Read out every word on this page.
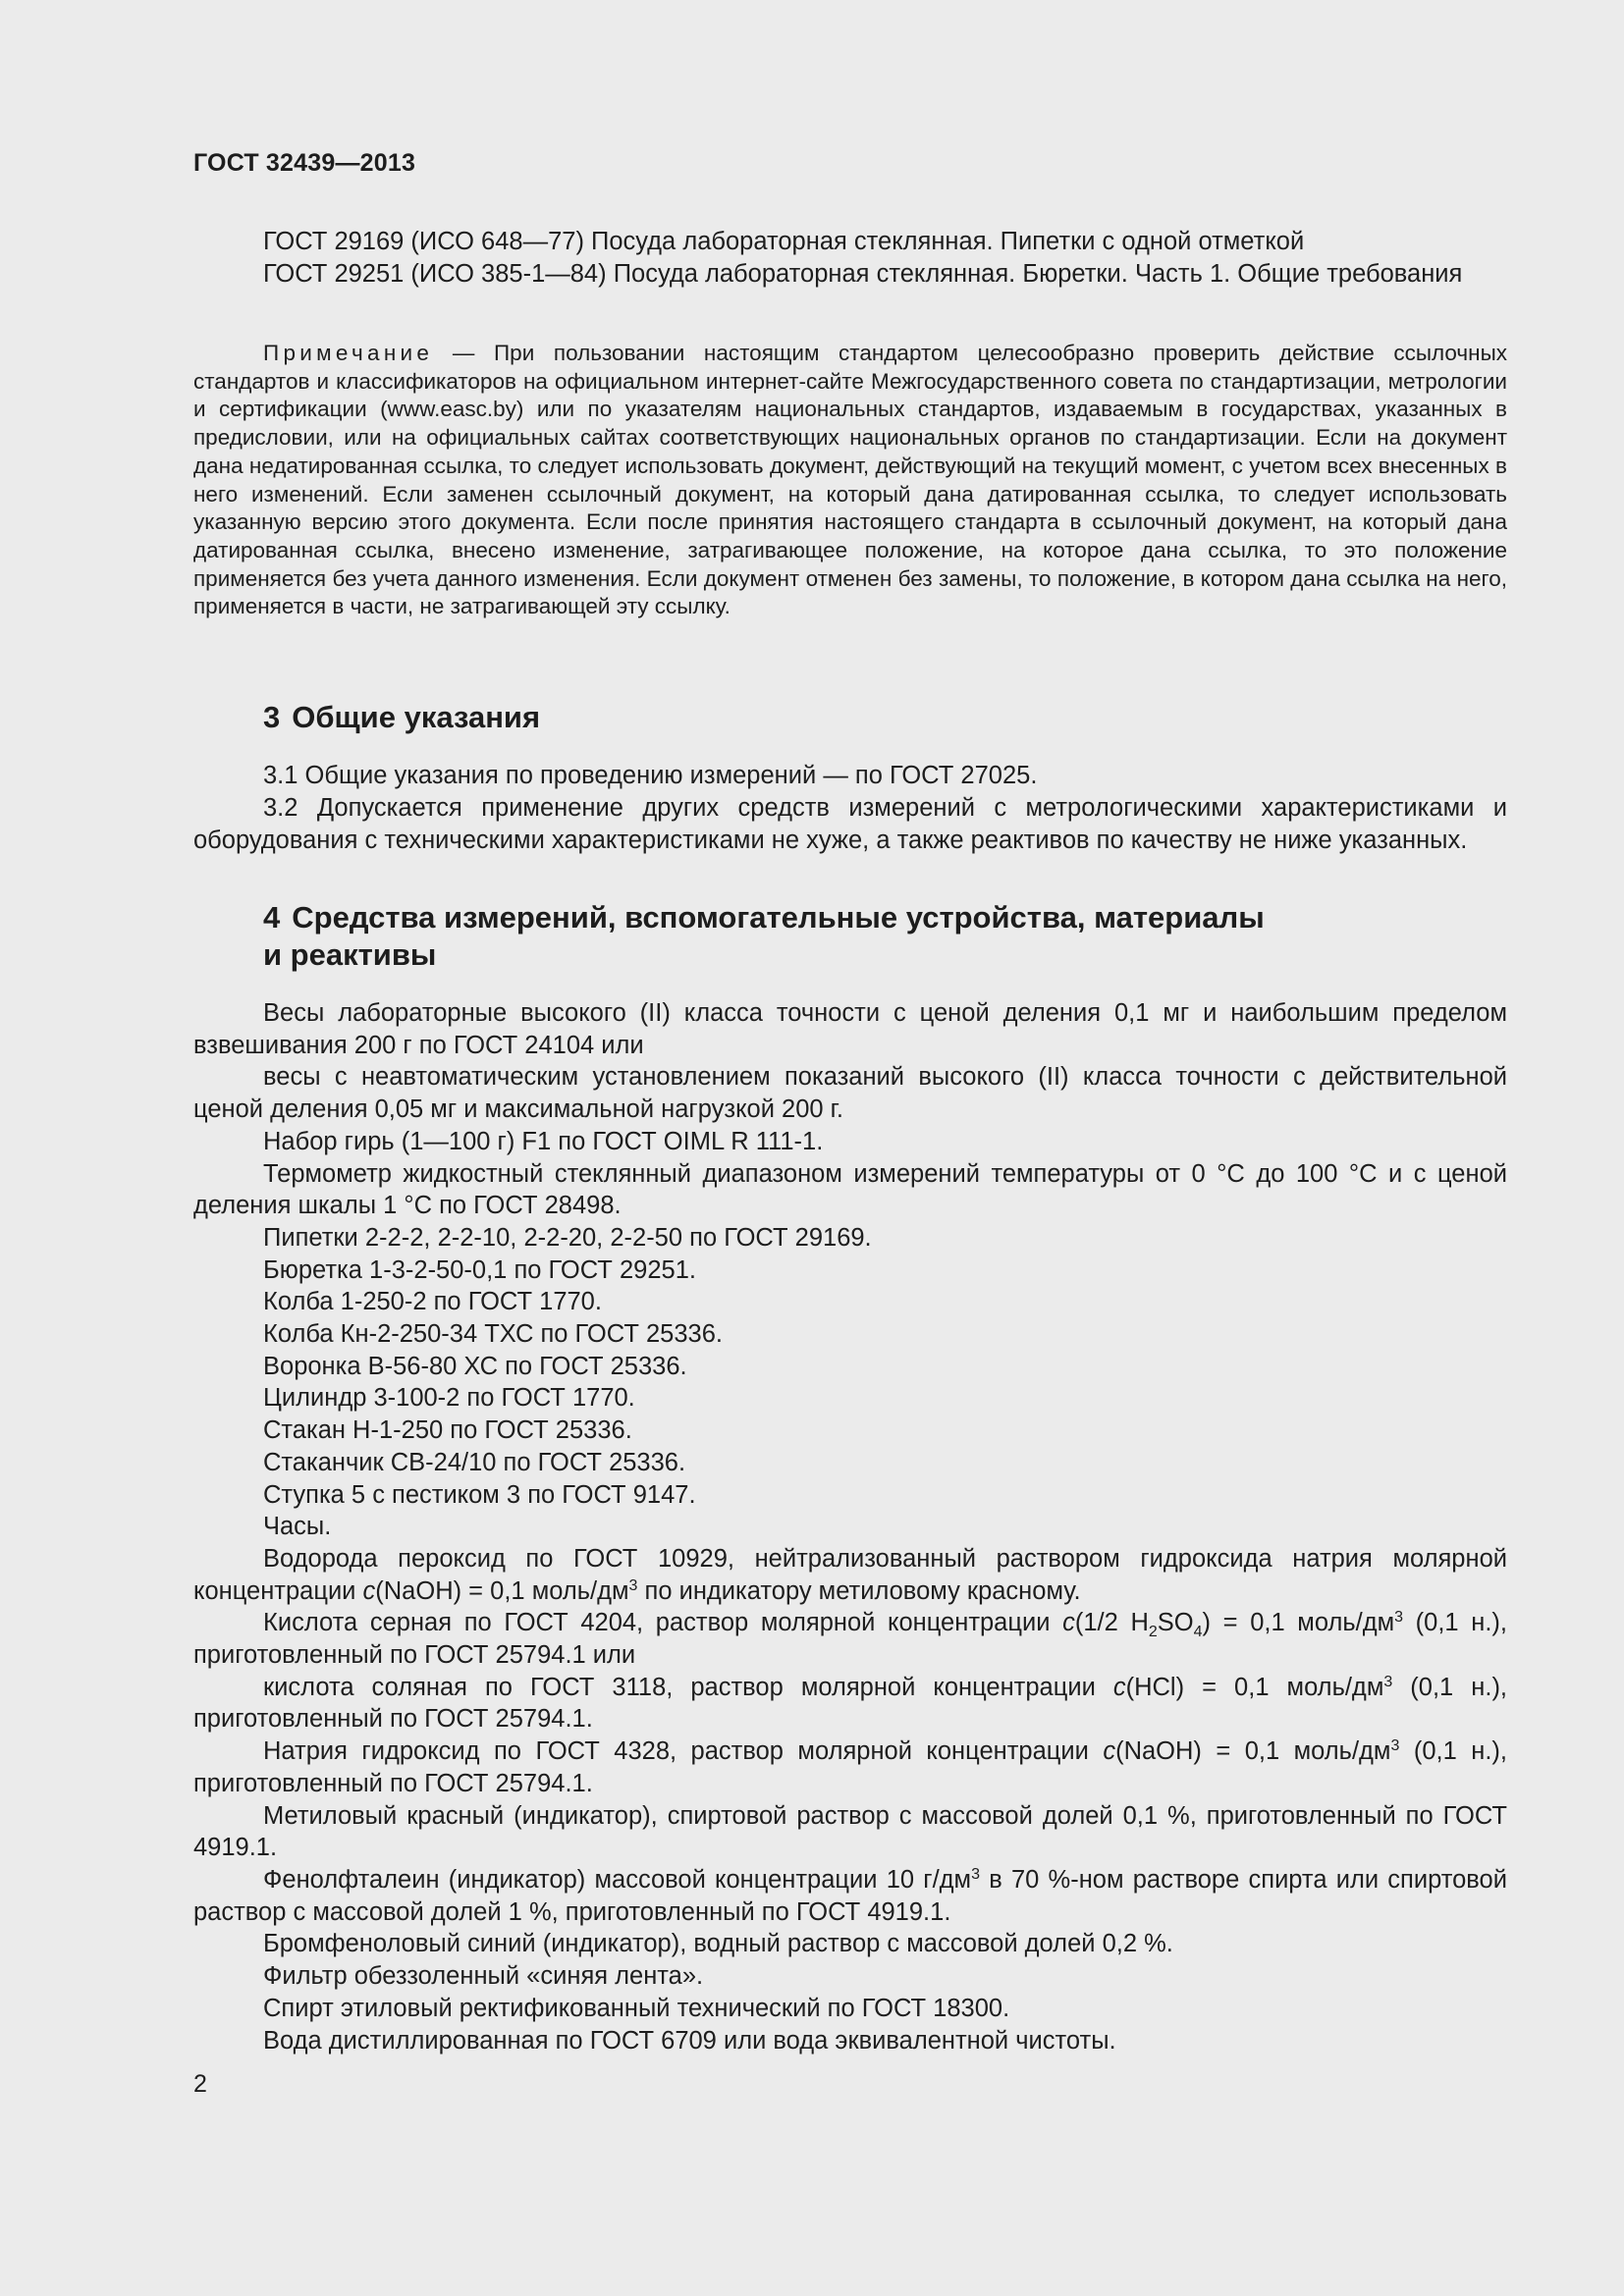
ГОСТ 32439—2013

ГОСТ 29169 (ИСО 648—77) Посуда лабораторная стеклянная. Пипетки с одной отметкой

ГОСТ 29251 (ИСО 385-1—84) Посуда лабораторная стеклянная. Бюретки. Часть 1. Общие требования

Примечание — При пользовании настоящим стандартом целесообразно проверить действие ссылочных стандартов и классификаторов на официальном интернет-сайте Межгосударственного совета по стандартизации, метрологии и сертификации (www.easc.by) или по указателям национальных стандартов, издаваемым в государствах, указанных в предисловии, или на официальных сайтах соответствующих национальных органов по стандартизации. Если на документ дана недатированная ссылка, то следует использовать документ, действующий на текущий момент, с учетом всех внесенных в него изменений. Если заменен ссылочный документ, на который дана датированная ссылка, то следует использовать указанную версию этого документа. Если после принятия настоящего стандарта в ссылочный документ, на который дана датированная ссылка, внесено изменение, затрагивающее положение, на которое дана ссылка, то это положение применяется без учета данного изменения. Если документ отменен без замены, то положение, в котором дана ссылка на него, применяется в части, не затрагивающей эту ссылку.

3 Общие указания

3.1 Общие указания по проведению измерений — по ГОСТ 27025.

3.2 Допускается применение других средств измерений с метрологическими характеристиками и оборудования с техническими характеристиками не хуже, а также реактивов по качеству не ниже указанных.

4 Средства измерений, вспомогательные устройства, материалы

и реактивы

Весы лабораторные высокого (II) класса точности с ценой деления 0,1 мг и наибольшим пределом взвешивания 200 г по ГОСТ 24104 или

весы с неавтоматическим установлением показаний высокого (II) класса точности с действительной ценой деления 0,05 мг и максимальной нагрузкой 200 г.

Набор гирь (1—100 г) F1 по ГОСТ OIML R 111-1.

Термометр жидкостный стеклянный диапазоном измерений температуры от 0 °С до 100 °С и с ценой деления шкалы 1 °С по ГОСТ 28498.

Пипетки 2-2-2, 2-2-10, 2-2-20, 2-2-50 по ГОСТ 29169.

Бюретка 1-3-2-50-0,1 по ГОСТ 29251.

Колба 1-250-2 по ГОСТ 1770.

Колба Кн-2-250-34 ТХС по ГОСТ 25336.

Воронка В-56-80 ХС по ГОСТ 25336.

Цилиндр 3-100-2 по ГОСТ 1770.

Стакан Н-1-250 по ГОСТ 25336.

Стаканчик СВ-24/10 по ГОСТ 25336.

Ступка 5 с пестиком 3 по ГОСТ 9147.

Часы.

Водорода пероксид по ГОСТ 10929, нейтрализованный раствором гидроксида натрия молярной концентрации c(NaOH) = 0,1 моль/$дм^3$ по индикатору метиловому красному.

Кислота серная по ГОСТ 4204, раствор молярной концентрации c(1/2 $H_2SO_4) = 0,1$ моль/$дм^3$ (0,1 н.), приготовленный по ГОСТ 25794.1 или

кислота соляная по ГОСТ 3118, раствор молярной концентрации c(HCl) = 0,1 моль/$дм^3$ (0,1 н.), приготовленный по ГОСТ 25794.1.

Натрия гидроксид по ГОСТ 4328, раствор молярной концентрации c(NaOH) = 0,1 моль/$дм^3$ (0,1 н.), приготовленный по ГОСТ 25794.1.

Метиловый красный (индикатор), спиртовой раствор с массовой долей 0,1 %, приготовленный по ГОСТ 4919.1.

Фенолфталеин (индикатор) массовой концентрации 10 $г/дм^3$ в 70 %-ном растворе спирта или спиртовой раствор с массовой долей 1 %, приготовленный по ГОСТ 4919.1.

Бромфеноловый синий (индикатор), водный раствор с массовой долей 0,2 %.

Фильтр обеззоленный «синяя лента».

Спирт этиловый ректификованный технический по ГОСТ 18300.

Вода дистиллированная по ГОСТ 6709 или вода эквивалентной чистоты.

2
